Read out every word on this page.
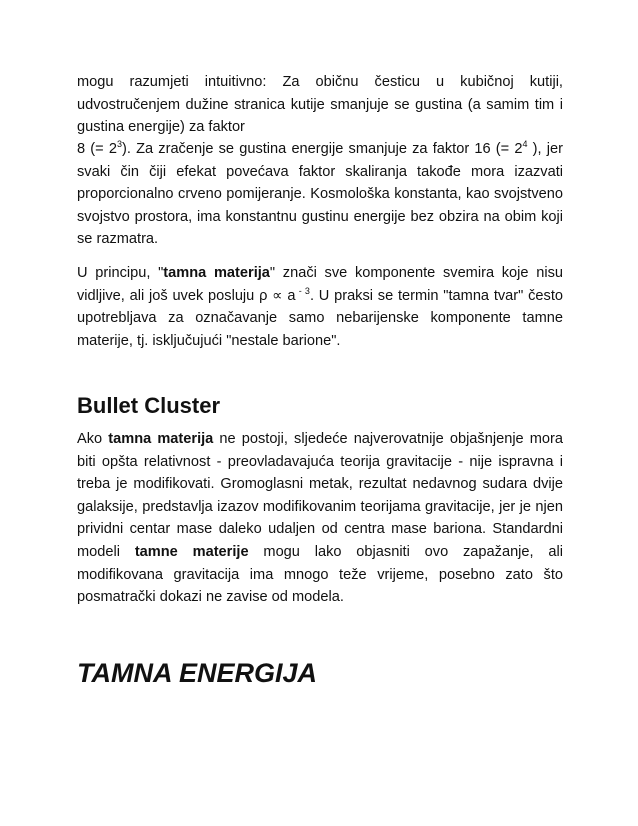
mogu razumjeti intuitivno: Za običnu česticu u kubičnoj kutiji, udvostručenjem dužine stranica kutije smanjuje se gustina (a samim tim i gustina energije) za faktor

8 (= $2^3$). Za zračenje se gustina energije smanjuje za faktor 16 (= $2^4$ ), jer svaki čin čiji efekat povećava faktor skaliranja takođe mora izazvati proporcionalno crveno pomijeranje. Kosmološka konstanta, kao svojstveno svojstvo prostora, ima konstantnu gustinu energije bez obzira na obim koji se razmatra.

U principu, "tamna materija" znači sve komponente svemira koje nisu vidljive, ali još uvek posluju ρ ∝ a $^{- 3}$. U praksi se termin "tamna tvar" često upotrebljava za označavanje samo nebarijenske komponente tamne materije, tj. isključujući "nestale barione".

Bullet Cluster

Ako tamna materija ne postoji, sljedeće najverovatnije objašnjenje mora biti opšta relativnost - preovladavajuća teorija gravitacije - nije ispravna i treba je modifikovati. Gromoglasni metak, rezultat nedavnog sudara dvije galaksije, predstavlja izazov modifikovanim teorijama gravitacije, jer je njen prividni centar mase daleko udaljen od centra mase bariona. Standardni modeli tamne materije mogu lako objasniti ovo zapažanje, ali modifikovana gravitacija ima mnogo teže vrijeme, posebno zato što posmatrački dokazi ne zavise od modela.

TAMNA ENERGIJA
